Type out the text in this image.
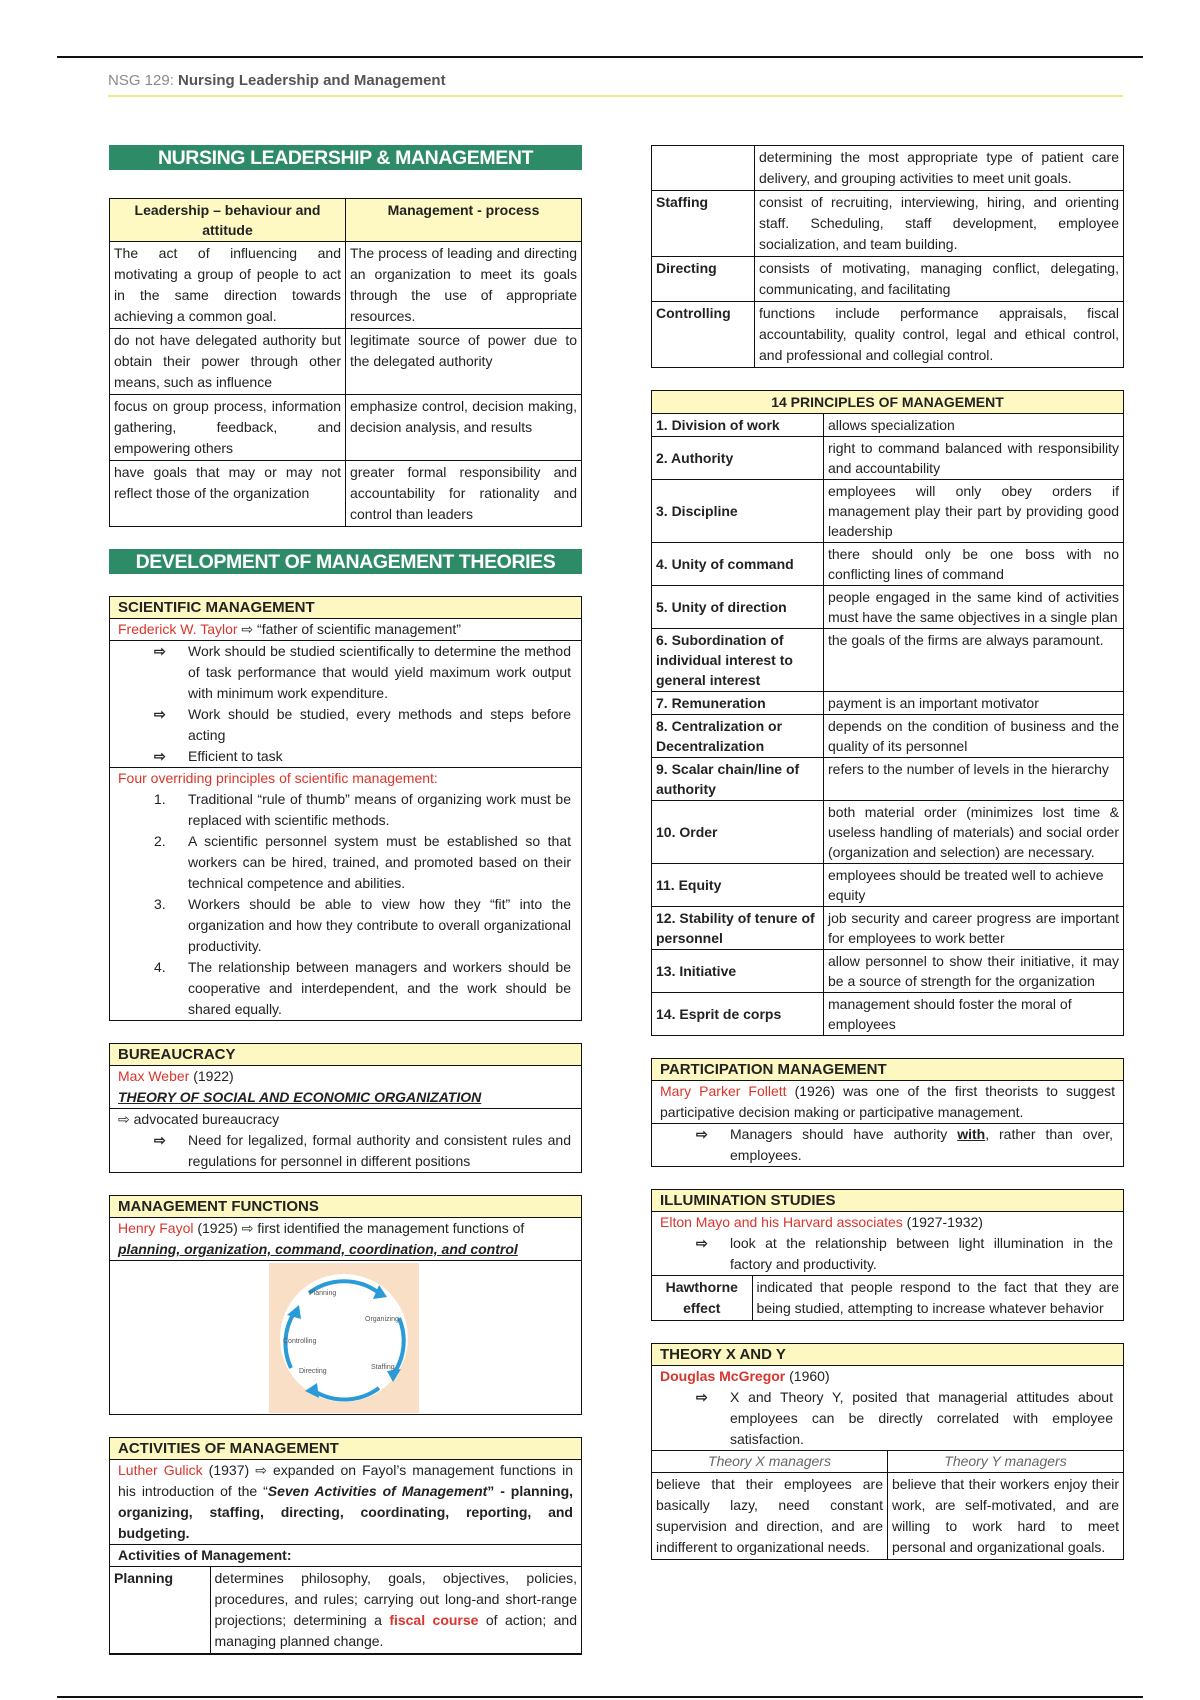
NSG 129: Nursing Leadership and Management
NURSING LEADERSHIP & MANAGEMENT
Leadership – behaviour and attitude	Management - process
The act of influencing and motivating a group of people to act in the same direction towards achieving a common goal.	The process of leading and directing an organization to meet its goals through the use of appropriate resources.
do not have delegated authority but obtain their power through other means, such as influence	legitimate source of power due to the delegated authority
focus on group process, information gathering, feedback, and empowering others	emphasize control, decision making, decision analysis, and results
have goals that may or may not reflect those of the organization	greater formal responsibility and accountability for rationality and control than leaders
DEVELOPMENT OF MANAGEMENT THEORIES
SCIENTIFIC MANAGEMENT
Frederick W. Taylor ⇨ “father of scientific management”
⇨	Work should be studied scientifically to determine the method of task performance that would yield maximum work output with minimum work expenditure.
⇨	Work should be studied, every methods and steps before acting
⇨	Efficient to task
Four overriding principles of scientific management:
1.	Traditional “rule of thumb” means of organizing work must be replaced with scientific methods.
2.	A scientific personnel system must be established so that workers can be hired, trained, and promoted based on their technical competence and abilities.
3.	Workers should be able to view how they “fit” into the organization and how they contribute to overall organizational productivity.
4.	The relationship between managers and workers should be cooperative and interdependent, and the work should be shared equally.
BUREAUCRACY
Max Weber (1922)
THEORY OF SOCIAL AND ECONOMIC ORGANIZATION
⇨ advocated bureaucracy
⇨	Need for legalized, formal authority and consistent rules and regulations for personnel in different positions
MANAGEMENT FUNCTIONS
Henry Fayol (1925) ⇨ first identified the management functions of
planning, organization, command, coordination, and control
Planning
Organizing
Staffing
Directing
Controlling
ACTIVITIES OF MANAGEMENT
Luther Gulick (1937) ⇨ expanded on Fayol’s management functions in his introduction of the “Seven Activities of Management” - planning, organizing, staffing, directing, coordinating, reporting, and budgeting.
Activities of Management:
Planning	determines philosophy, goals, objectives, policies, procedures, and rules; carrying out long-and short-range projections; determining a fiscal course of action; and managing planned change.
	determining the most appropriate type of patient care delivery, and grouping activities to meet unit goals.
Staffing	consist of recruiting, interviewing, hiring, and orienting staff. Scheduling, staff development, employee socialization, and team building.
Directing	consists of motivating, managing conflict, delegating, communicating, and facilitating
Controlling	functions include performance appraisals, fiscal accountability, quality control, legal and ethical control, and professional and collegial control.
14 PRINCIPLES OF MANAGEMENT	
1. Division of work	allows specialization
2. Authority	right to command balanced with responsibility and accountability
3. Discipline	employees will only obey orders if management play their part by providing good leadership
4. Unity of command	there should only be one boss with no conflicting lines of command
5. Unity of direction	people engaged in the same kind of activities must have the same objectives in a single plan
6. Subordination of individual interest to general interest	the goals of the firms are always paramount.
7. Remuneration	payment is an important motivator
8. Centralization or Decentralization	depends on the condition of business and the quality of its personnel
9. Scalar chain/line of authority	refers to the number of levels in the hierarchy
10. Order	both material order (minimizes lost time & useless handling of materials) and social order (organization and selection) are necessary.
11. Equity	employees should be treated well to achieve equity
12. Stability of tenure of personnel	job security and career progress are important for employees to work better
13. Initiative	allow personnel to show their initiative, it may be a source of strength for the organization
14. Esprit de corps	management should foster the moral of employees
PARTICIPATION MANAGEMENT
Mary Parker Follett (1926) was one of the first theorists to suggest participative decision making or participative management.
⇨	Managers should have authority with, rather than over, employees.
ILLUMINATION STUDIES
Elton Mayo and his Harvard associates (1927-1932)
⇨	look at the relationship between light illumination in the factory and productivity.
Hawthorne effect	indicated that people respond to the fact that they are being studied, attempting to increase whatever behavior
THEORY X AND Y
Douglas McGregor (1960)
⇨	X and Theory Y, posited that managerial attitudes about employees can be directly correlated with employee satisfaction.
Theory X managers	Theory Y managers
believe that their employees are basically lazy, need constant supervision and direction, and are indifferent to organizational needs.	believe that their workers enjoy their work, are self-motivated, and are willing to work hard to meet personal and organizational goals.
